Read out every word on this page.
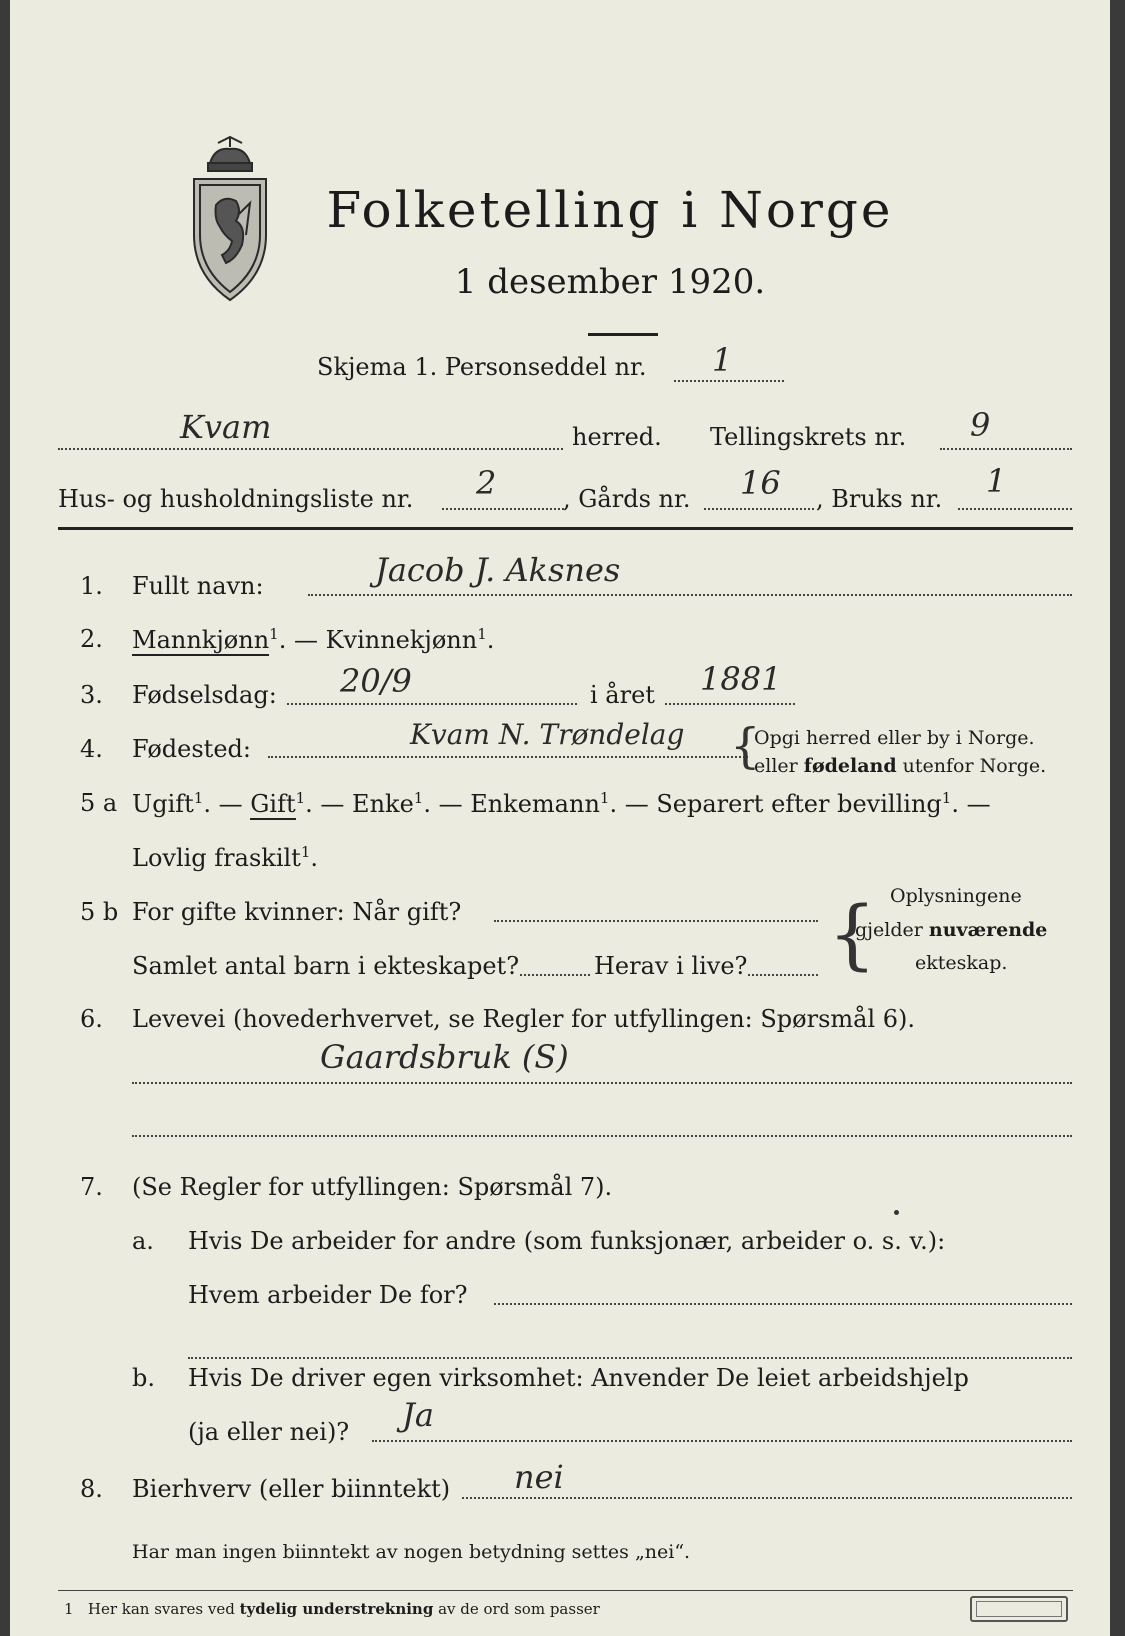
Folketelling i Norge
1 desember 1920.
Skjema 1. Personseddel nr. 1
Kvam	herred. Tellingskrets nr. 9
Hus- og husholdningsliste nr. 2	, Gårds nr. 16 , Bruks nr. 1
1. Fullt navn:	Jacob J. Aksnes
2. Mannkjønn$^1$. — Kvinnekjønn$^1$.
3. Fødselsdag: 20/9	i året 1881
4. Fødested:	Kvam N. Trøndelag {
Opgi herred eller by i Norge.
eller fødeland utenfor Norge.
5 a Ugift$^1$. — Gift$^1$. — Enke$^1$. — Enkemann$^1$. — Separert efter bevilling$^1$. —
Lovlig fraskilt$^1$.
5 b For gifte kvinner: Når gift?
Samlet antal barn i ekteskapet?	Herav i live? { Oplysningene
gjelder nuværende
ekteskap.
6. Levevei (hovederhvervet, se Regler for utfyllingen: Spørsmål 6).
Gaardsbruk (S)
7. (Se Regler for utfyllingen: Spørsmål 7).
a. Hvis De arbeider for andre (som funksjonær, arbeider o. s. v.):
Hvem arbeider De for?
b. Hvis De driver egen virksomhet: Anvender De leiet arbeidshjelp
(ja eller nei)? Ja
8. Bierhverv (eller biinntekt) nei
Har man ingen biinntekt av nogen betydning settes „nei“.
1 Her kan svares ved tydelig understrekning av de ord som passer
